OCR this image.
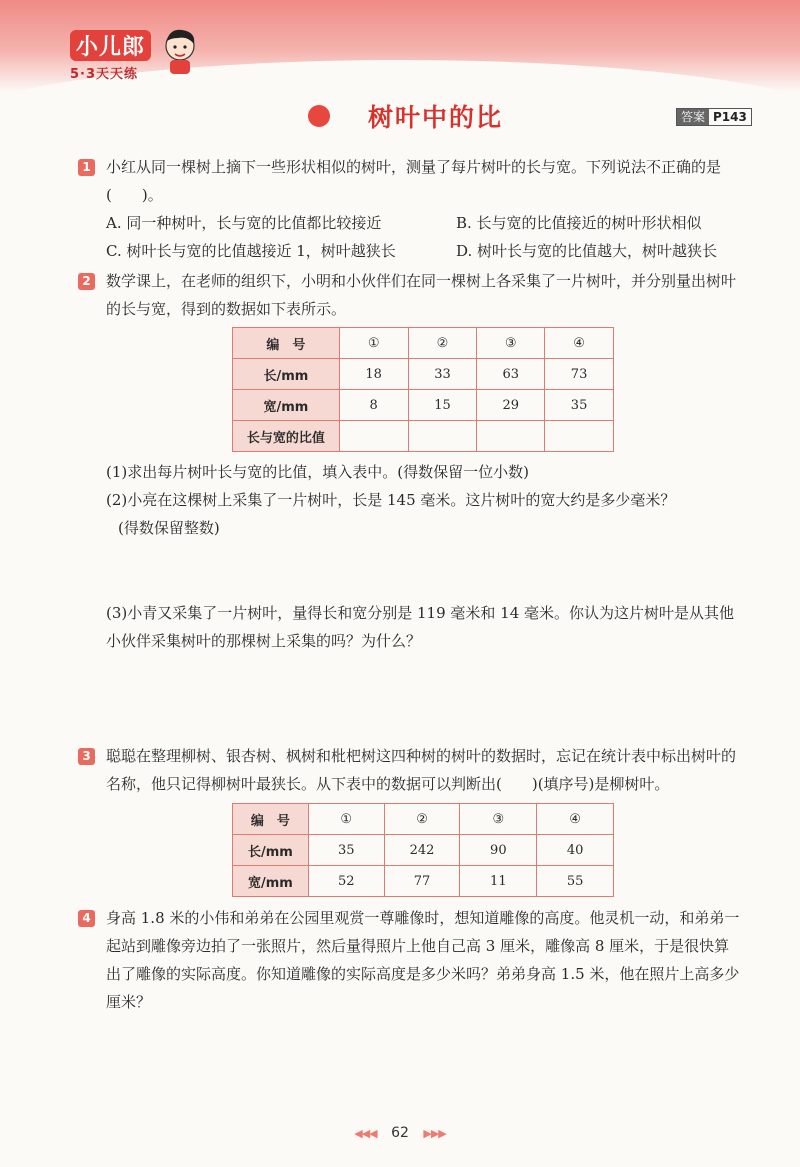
小儿郎
5·3天天练
树叶中的比	答案 P143
1	小红从同一棵树上摘下一些形状相似的树叶，测量了每片树叶的长与宽。下列说法不正确的是(　　)。
A. 同一种树叶，长与宽的比值都比较接近	B. 长与宽的比值接近的树叶形状相似
C. 树叶长与宽的比值越接近 1，树叶越狭长	D. 树叶长与宽的比值越大，树叶越狭长
2	数学课上，在老师的组织下，小明和小伙伴们在同一棵树上各采集了一片树叶，并分别量出树叶的长与宽，得到的数据如下表所示。
编　号	①	②	③	④
长/mm	18	33	63	73
宽/mm	8	15	29	35
长与宽的比值				
(1)求出每片树叶长与宽的比值，填入表中。(得数保留一位小数)
(2)小亮在这棵树上采集了一片树叶，长是 145 毫米。这片树叶的宽大约是多少毫米？
(得数保留整数)
(3)小青又采集了一片树叶，量得长和宽分别是 119 毫米和 14 毫米。你认为这片树叶是从其他小伙伴采集树叶的那棵树上采集的吗？为什么？
3	聪聪在整理柳树、银杏树、枫树和枇杷树这四种树的树叶的数据时，忘记在统计表中标出树叶的名称，他只记得柳树叶最狭长。从下表中的数据可以判断出(　　)(填序号)是柳树叶。
编　号	①	②	③	④
长/mm	35	242	90	40
宽/mm	52	77	11	55
4	身高 1.8 米的小伟和弟弟在公园里观赏一尊雕像时，想知道雕像的高度。他灵机一动，和弟弟一起站到雕像旁边拍了一张照片，然后量得照片上他自己高 3 厘米，雕像高 8 厘米，于是很快算出了雕像的实际高度。你知道雕像的实际高度是多少米吗？弟弟身高 1.5 米，他在照片上高多少厘米？
◀◀◀ 62 ▶▶▶
